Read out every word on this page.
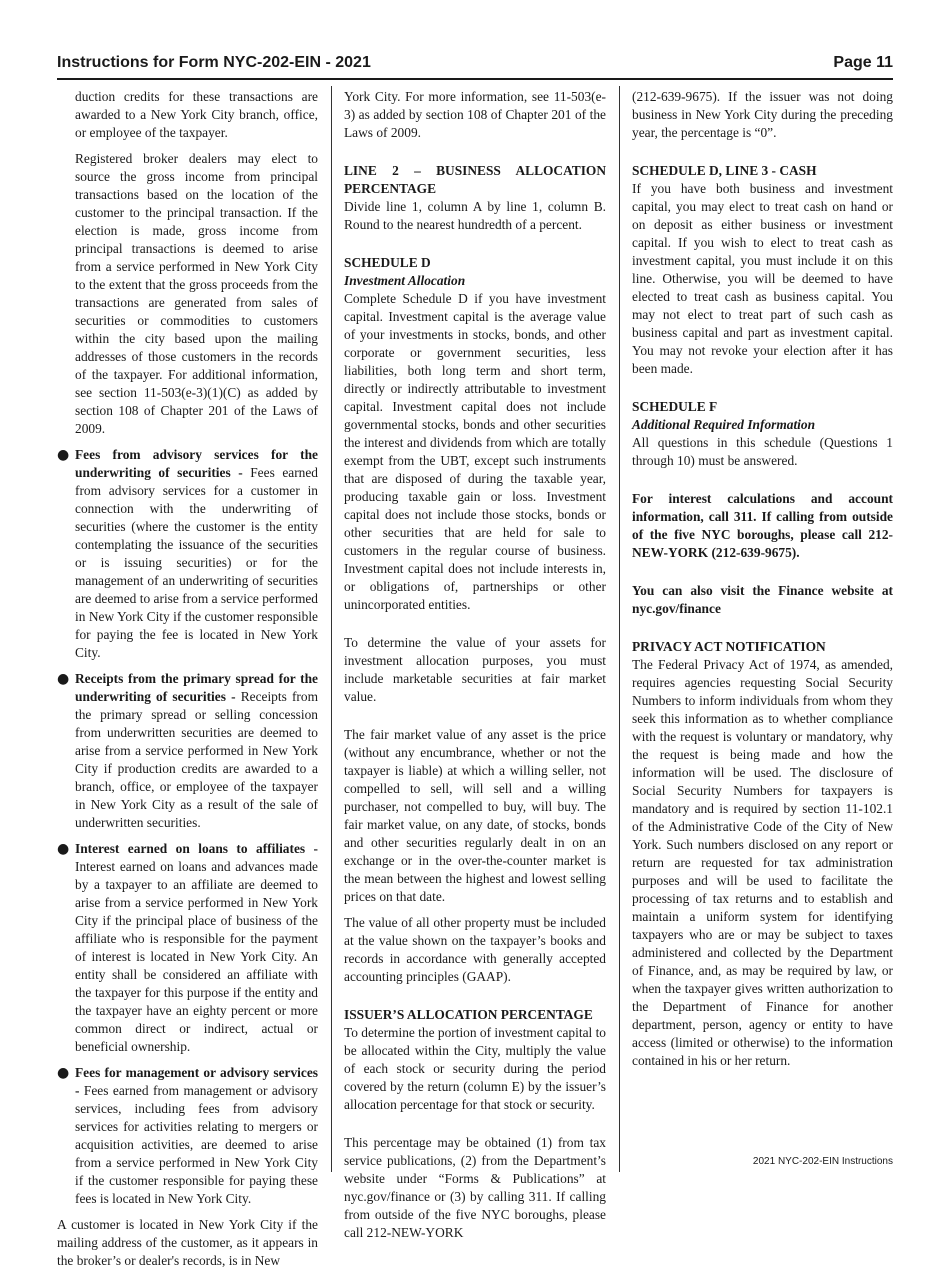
Instructions for Form NYC-202-EIN - 2021	Page 11

duction credits for these transactions are awarded to a New York City branch, office, or employee of the taxpayer.

Registered broker dealers may elect to source the gross income from principal transactions based on the location of the customer to the principal transaction. If the election is made, gross income from principal transactions is deemed to arise from a service performed in New York City to the extent that the gross proceeds from the transactions are generated from sales of securities or commodities to customers within the city based upon the mailing addresses of those customers in the records of the taxpayer. For additional information, see section 11-503(e-3)(1)(C) as added by section 108 of Chapter 201 of the Laws of 2009.

● Fees from advisory services for the underwriting of securities - Fees earned from advisory services for a customer in connection with the underwriting of securities (where the customer is the entity contemplating the issuance of the securities or is issuing securities) or for the management of an underwriting of securities are deemed to arise from a service performed in New York City if the customer responsible for paying the fee is located in New York City.

● Receipts from the primary spread for the underwriting of securities - Receipts from the primary spread or selling concession from underwritten securities are deemed to arise from a service performed in New York City if production credits are awarded to a branch, office, or employee of the taxpayer in New York City as a result of the sale of underwritten securities.

● Interest earned on loans to affiliates - Interest earned on loans and advances made by a taxpayer to an affiliate are deemed to arise from a service performed in New York City if the principal place of business of the affiliate who is responsible for the payment of interest is located in New York City. An entity shall be considered an affiliate with the taxpayer for this purpose if the entity and the taxpayer have an eighty percent or more common direct or indirect, actual or beneficial ownership.

● Fees for management or advisory services - Fees earned from management or advisory services, including fees from advisory services for activities relating to mergers or acquisition activities, are deemed to arise from a service performed in New York City if the customer responsible for paying these fees is located in New York City.

A customer is located in New York City if the mailing address of the customer, as it appears in the broker’s or dealer's records, is in New

York City. For more information, see 11-503(e-3) as added by section 108 of Chapter 201 of the Laws of 2009.

LINE 2 – BUSINESS ALLOCATION PERCENTAGE

Divide line 1, column A by line 1, column B. Round to the nearest hundredth of a percent.

SCHEDULE D

Investment Allocation

Complete Schedule D if you have investment capital. Investment capital is the average value of your investments in stocks, bonds, and other corporate or government securities, less liabilities, both long term and short term, directly or indirectly attributable to investment capital. Investment capital does not include governmental stocks, bonds and other securities the interest and dividends from which are totally exempt from the UBT, except such instruments that are disposed of during the taxable year, producing taxable gain or loss. Investment capital does not include those stocks, bonds or other securities that are held for sale to customers in the regular course of business. Investment capital does not include interests in, or obligations of, partnerships or other unincorporated entities.

To determine the value of your assets for investment allocation purposes, you must include marketable securities at fair market value.

The fair market value of any asset is the price (without any encumbrance, whether or not the taxpayer is liable) at which a willing seller, not compelled to sell, will sell and a willing purchaser, not compelled to buy, will buy. The fair market value, on any date, of stocks, bonds and other securities regularly dealt in on an exchange or in the over-the-counter market is the mean between the highest and lowest selling prices on that date.

The value of all other property must be included at the value shown on the taxpayer’s books and records in accordance with generally accepted accounting principles (GAAP).

ISSUER’S ALLOCATION PERCENTAGE

To determine the portion of investment capital to be allocated within the City, multiply the value of each stock or security during the period covered by the return (column E) by the issuer’s allocation percentage for that stock or security.

This percentage may be obtained (1) from tax service publications, (2) from the Department’s website under “Forms & Publications” at nyc.gov/finance or (3) by calling 311. If calling from outside of the five NYC boroughs, please call 212-NEW-YORK

(212-639-9675). If the issuer was not doing business in New York City during the preceding year, the percentage is “0”.

SCHEDULE D, LINE 3 - CASH

If you have both business and investment capital, you may elect to treat cash on hand or on deposit as either business or investment capital. If you wish to elect to treat cash as investment capital, you must include it on this line. Otherwise, you will be deemed to have elected to treat cash as business capital. You may not elect to treat part of such cash as business capital and part as investment capital. You may not revoke your election after it has been made.

SCHEDULE F

Additional Required Information

All questions in this schedule (Questions 1 through 10) must be answered.

For interest calculations and account information, call 311. If calling from outside of the five NYC boroughs, please call 212-NEW-YORK (212-639-9675).

You can also visit the Finance website at nyc.gov/finance

PRIVACY ACT NOTIFICATION

The Federal Privacy Act of 1974, as amended, requires agencies requesting Social Security Numbers to inform individuals from whom they seek this information as to whether compliance with the request is voluntary or mandatory, why the request is being made and how the information will be used. The disclosure of Social Security Numbers for taxpayers is mandatory and is required by section 11-102.1 of the Administrative Code of the City of New York. Such numbers disclosed on any report or return are requested for tax administration purposes and will be used to facilitate the processing of tax returns and to establish and maintain a uniform system for identifying taxpayers who are or may be subject to taxes administered and collected by the Department of Finance, and, as may be required by law, or when the taxpayer gives written authorization to the Department of Finance for another department, person, agency or entity to have access (limited or otherwise) to the information contained in his or her return.

2021 NYC-202-EIN Instructions
